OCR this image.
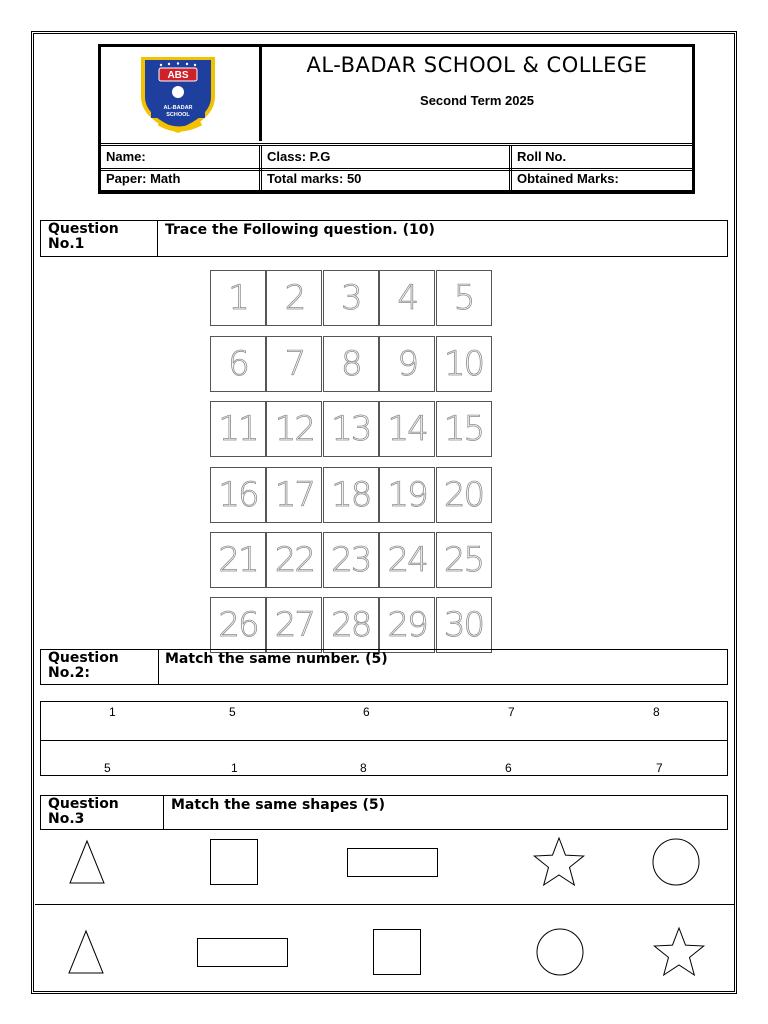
ABS
AL-BADAR
SCHOOL
AL-BADAR SCHOOL & COLLEGE
Second Term 2025
Name:	Class: P.G	Roll No.
Paper: Math	Total marks: 50	Obtained Marks:
Question No.1
Trace the Following question. (10)
1	2	3	4	5
6	7	8	9 10
11 12 13 14 15
16 17 18 19 20
21 22 23 24 25
26 27 28 29 30
Question No.2:
Match the same number. (5)
1	5	6	7	8
5	1	8	6	7
Question No.3
Match the same shapes (5)
